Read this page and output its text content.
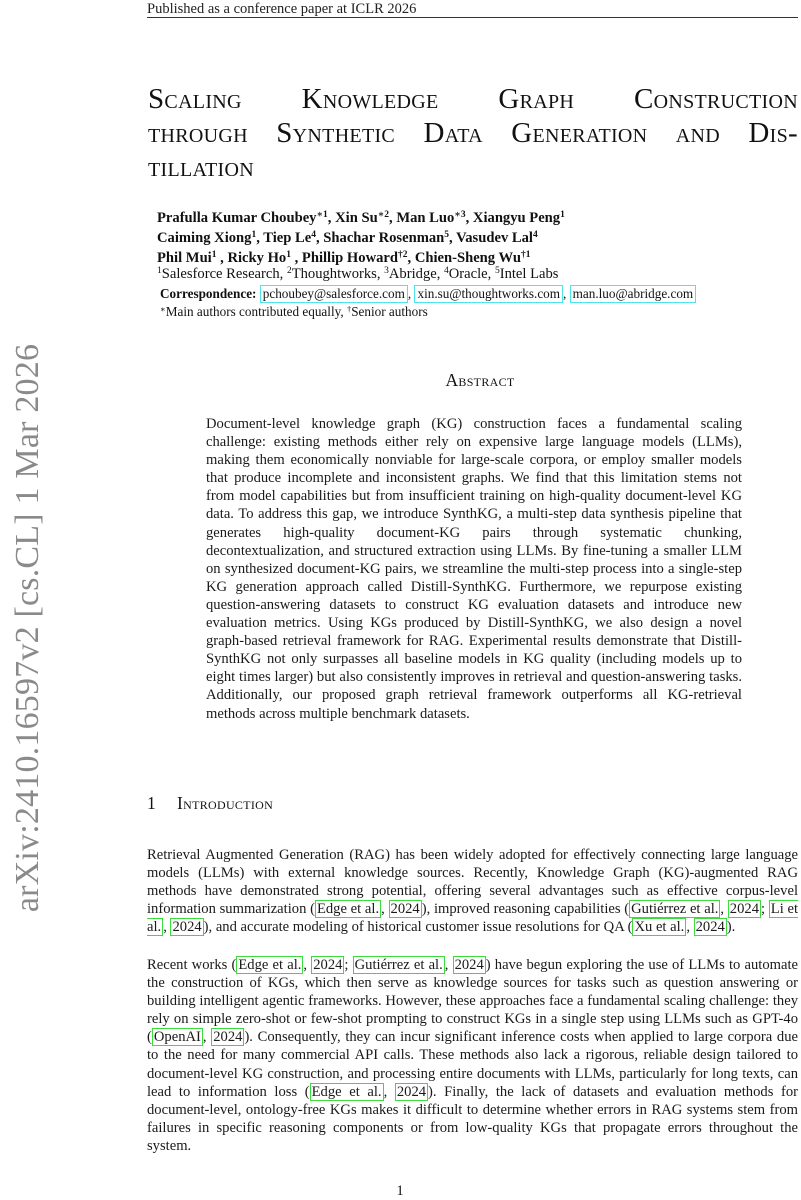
Published as a conference paper at ICLR 2026
arXiv:2410.16597v2 [cs.CL] 1 Mar 2026
Scaling Knowledge Graph Construction
through Synthetic Data Generation and Dis-
tillation
Prafulla Kumar Choubey$^{∗1}$, Xin $Su^{∗2}$, Man Luo$^{∗3}$, Xiangyu Peng$^1$
Caiming Xiong$^1$, Tiep Le$^4$, Shachar Rosenman$^5$, Vasudev Lal$^4$
Phil Mui$^1$ , Ricky Ho$^1$ , Phillip Howard$^{\dagger 2}$, Chien-Sheng Wu$^{\dagger 1}$
$^1$Salesforce Research, $^2$Thoughtworks, $^3$Abridge, $^4$Oracle, $^5$Intel Labs
Correspondence: pchoubey@salesforce.com , xin.su@thoughtworks.com , man.luo@abridge.com
∗Main authors contributed equally, †Senior authors
Abstract
Document-level knowledge graph (KG) construction faces a fundamental scaling challenge: existing methods either rely on expensive large language models (LLMs), making them economically nonviable for large-scale corpora, or employ smaller models that produce incomplete and inconsistent graphs. We find that this limitation stems not from model capabilities but from insufficient training on high-quality document-level KG data. To address this gap, we introduce SynthKG, a multi-step data synthesis pipeline that generates high-quality document-KG pairs through systematic chunking, decontextualization, and structured extraction using LLMs. By fine-tuning a smaller LLM on synthesized document-KG pairs, we streamline the multi-step process into a single-step KG generation approach called Distill-SynthKG. Furthermore, we repurpose existing question-answering datasets to construct KG evaluation datasets and introduce new evaluation metrics. Using KGs produced by Distill-SynthKG, we also design a novel graph-based retrieval framework for RAG. Experimental results demonstrate that Distill-SynthKG not only surpasses all baseline models in KG quality (including models up to eight times larger) but also consistently improves in retrieval and question-answering tasks. Additionally, our proposed graph retrieval framework outperforms all KG-retrieval methods across multiple benchmark datasets.
1 Introduction
Retrieval Augmented Generation (RAG) has been widely adopted for effectively connecting large language models (LLMs) with external knowledge sources. Recently, Knowledge Graph (KG)-augmented RAG methods have demonstrated strong potential, offering several advantages such as effective corpus-level information summarization ( Edge et al. , 2024 ), improved reasoning capabilities ( Gutiérrez et al. , 2024 ; Li et al. , 2024 ), and accurate modeling of historical customer issue resolutions for QA ( Xu et al. , 2024 ).
Recent works ( Edge et al. , 2024 ; Gutiérrez et al. , 2024 ) have begun exploring the use of LLMs to automate the construction of KGs, which then serve as knowledge sources for tasks such as question answering or building intelligent agentic frameworks. However, these approaches face a fundamental scaling challenge: they rely on simple zero-shot or few-shot prompting to construct KGs in a single step using LLMs such as GPT-4o ( OpenAI , 2024 ). Consequently, they can incur significant inference costs when applied to large corpora due to the need for many commercial API calls. These methods also lack a rigorous, reliable design tailored to document-level KG construction, and processing entire documents with LLMs, particularly for long texts, can lead to information loss ( Edge et al. , 2024 ). Finally, the lack of datasets and evaluation methods for document-level, ontology-free KGs makes it difficult to determine whether errors in RAG systems stem from failures in specific reasoning components or from low-quality KGs that propagate errors throughout the system.
1
